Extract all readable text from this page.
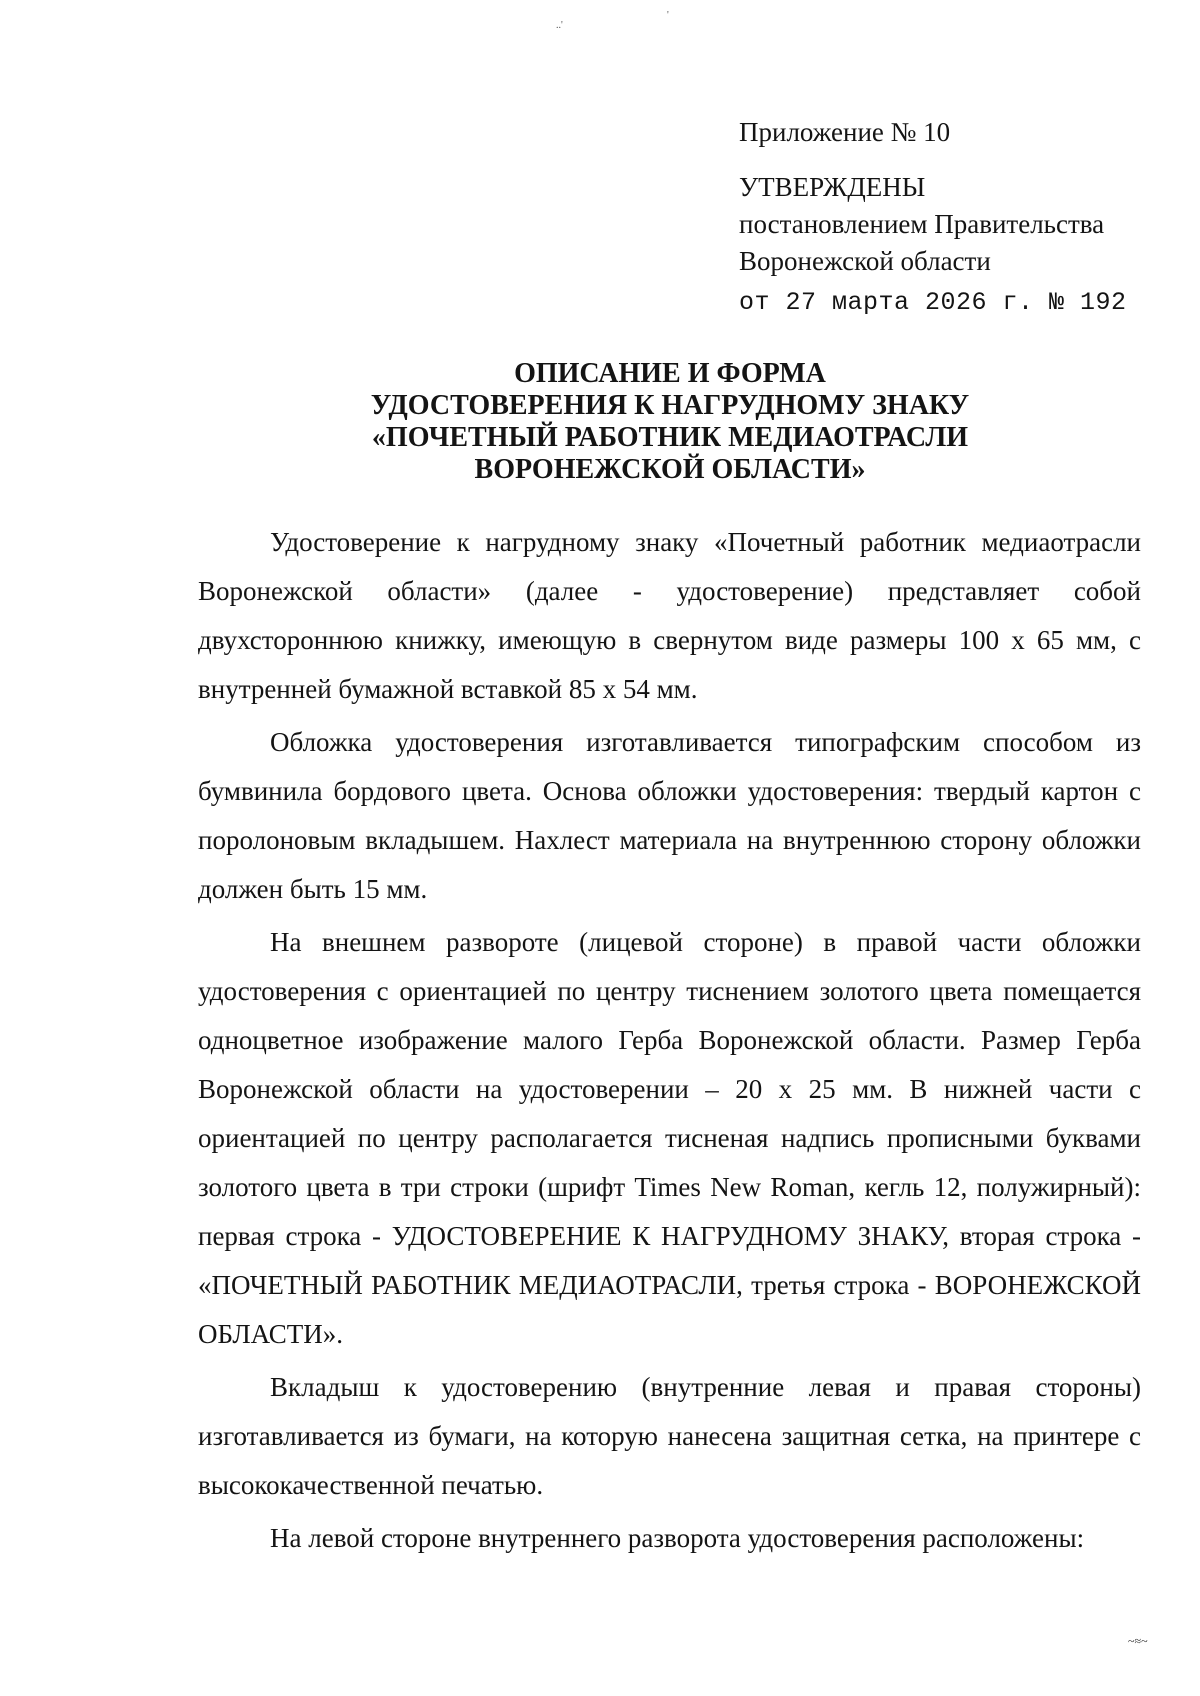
..'
'
Приложение № 10
УТВЕРЖДЕНЫ
постановлением Правительства
Воронежской области
от 27 марта 2026 г. № 192
ОПИСАНИЕ И ФОРМА
УДОСТОВЕРЕНИЯ К НАГРУДНОМУ ЗНАКУ
«ПОЧЕТНЫЙ РАБОТНИК МЕДИАОТРАСЛИ
ВОРОНЕЖСКОЙ ОБЛАСТИ»

Удостоверение к нагрудному знаку «Почетный работник медиаотрасли Воронежской области» (далее - удостоверение) представляет собой двухстороннюю книжку, имеющую в свернутом виде размеры 100 х 65 мм, с внутренней бумажной вставкой 85 х 54 мм.

Обложка удостоверения изготавливается типографским способом из бумвинила бордового цвета. Основа обложки удостоверения: твердый картон с поролоновым вкладышем. Нахлест материала на внутреннюю сторону обложки должен быть 15 мм.

На внешнем развороте (лицевой стороне) в правой части обложки удостоверения с ориентацией по центру тиснением золотого цвета помещается одноцветное изображение малого Герба Воронежской области. Размер Герба Воронежской области на удостоверении – 20 х 25 мм. В нижней части с ориентацией по центру располагается тисненая надпись прописными буквами золотого цвета в три строки (шрифт Times New Roman, кегль 12, полужирный): первая строка - УДОСТОВЕРЕНИЕ К НАГРУДНОМУ ЗНАКУ, вторая строка - «ПОЧЕТНЫЙ РАБОТНИК МЕДИАОТРАСЛИ, третья строка - ВОРОНЕЖСКОЙ ОБЛАСТИ».

Вкладыш к удостоверению (внутренние левая и правая стороны) изготавливается из бумаги, на которую нанесена защитная сетка, на принтере с высококачественной печатью.

На левой стороне внутреннего разворота удостоверения расположены:

~≈~
